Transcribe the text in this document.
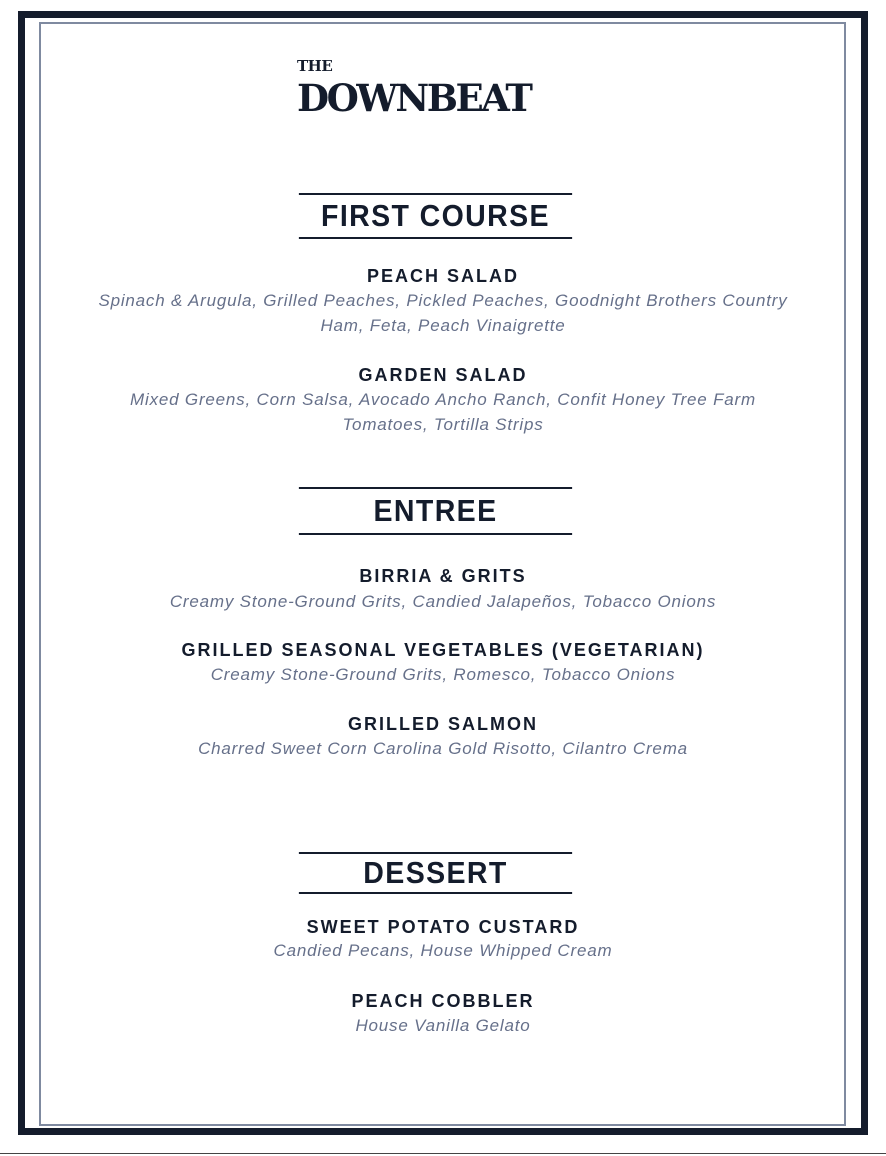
THE
DOWNBEAT
FIRST COURSE
PEACH SALAD
Spinach & Arugula, Grilled Peaches, Pickled Peaches, Goodnight Brothers Country
Ham, Feta, Peach Vinaigrette
GARDEN SALAD
Mixed Greens, Corn Salsa, Avocado Ancho Ranch, Confit Honey Tree Farm
Tomatoes, Tortilla Strips
ENTREE
BIRRIA & GRITS
Creamy Stone-Ground Grits, Candied Jalapeños, Tobacco Onions
GRILLED SEASONAL VEGETABLES (VEGETARIAN)
Creamy Stone-Ground Grits, Romesco, Tobacco Onions
GRILLED SALMON
Charred Sweet Corn Carolina Gold Risotto, Cilantro Crema
DESSERT
SWEET POTATO CUSTARD
Candied Pecans, House Whipped Cream
PEACH COBBLER
House Vanilla Gelato
